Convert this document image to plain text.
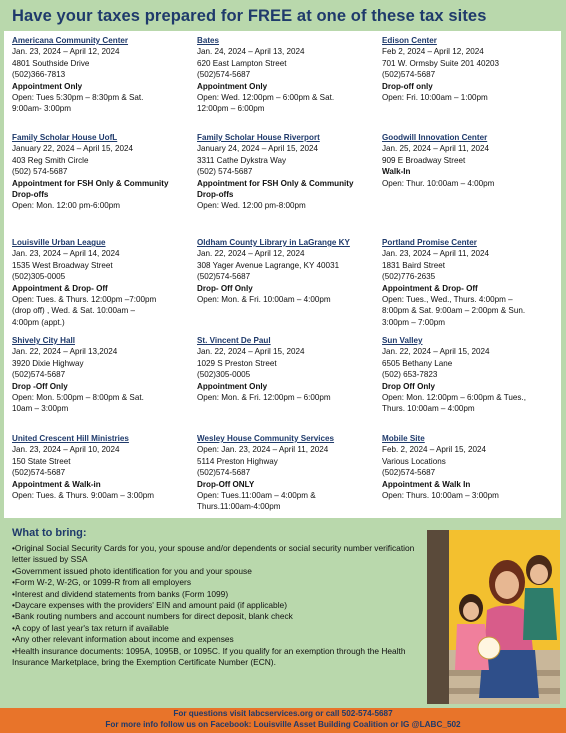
Have your taxes prepared for FREE at one of these tax sites
Americana Community Center
Jan. 23, 2024 – April 12, 2024
4801 Southside Drive
(502)366-7813
Appointment Only
Open: Tues 5:30pm – 8:30pm & Sat.
9:00am- 3:00pm
Bates
Jan. 24, 2024 – April 13, 2024
620 East Lampton Street
(502)574-5687
Appointment Only
Open: Wed. 12:00pm – 6:00pm & Sat.
12:00pm – 6:00pm
Edison Center
Feb 2, 2024 – April 12, 2024
701 W. Ormsby Suite 201 40203
(502)574-5687
Drop-off only
Open: Fri. 10:00am – 1:00pm
Family Scholar House UofL
January 22, 2024 – April 15, 2024
403 Reg Smith Circle
(502) 574-5687
Appointment for FSH Only & Community
Drop-offs
Open: Mon. 12:00 pm-6:00pm
Family Scholar House Riverport
January 24, 2024 – April 15, 2024
3311 Cathe Dykstra Way
(502) 574-5687
Appointment for FSH Only & Community
Drop-offs
Open: Wed. 12:00 pm-8:00pm
Goodwill Innovation Center
Jan. 25, 2024 – April 11, 2024
909 E Broadway Street
Walk-In
Open: Thur. 10:00am – 4:00pm
Louisville Urban League
Jan. 23, 2024 – April 14, 2024
1535 West Broadway Street
(502)305-0005
Appointment & Drop- Off
Open: Tues. & Thurs. 12:00pm –7:00pm
(drop off) , Wed. & Sat. 10:00am –
4:00pm (appt.)
Oldham County Library in LaGrange KY
Jan. 22, 2024 – April 12, 2024
308 Yager Avenue Lagrange, KY 40031
(502)574-5687
Drop- Off Only
Open: Mon. & Fri. 10:00am – 4:00pm
Portland Promise Center
Jan. 23, 2024 – April 11, 2024
1831 Baird Street
(502)776-2635
Appointment & Drop- Off
Open: Tues., Wed., Thurs. 4:00pm –
8:00pm & Sat. 9:00am – 2:00pm & Sun.
3:00pm – 7:00pm
Shively City Hall
Jan. 22, 2024 – April 13,2024
3920 Dixie Highway
(502)574-5687
Drop -Off Only
Open: Mon. 5:00pm – 8:00pm & Sat.
10am – 3:00pm
St. Vincent De Paul
Jan. 22, 2024 – April 15, 2024
1029 S Preston Street
(502)305-0005
Appointment Only
Open: Mon. & Fri. 12:00pm – 6:00pm
Sun Valley
Jan. 22, 2024 – April 15, 2024
6505 Bethany Lane
(502) 653-7823
Drop Off Only
Open: Mon. 12:00pm – 6:00pm & Tues.,
Thurs. 10:00am – 4:00pm
United Crescent Hill Ministries
Jan. 23, 2024 – April 10, 2024
150 State Street
(502)574-5687
Appointment & Walk-in
Open: Tues. & Thurs. 9:00am – 3:00pm
Wesley House Community Services
Open: Jan. 23, 2024 – April 11, 2024
5114 Preston Highway
(502)574-5687
Drop-Off ONLY
Open: Tues.11:00am – 4:00pm &
Thurs.11:00am-4:00pm
Mobile Site
Feb. 2, 2024 – April 15, 2024
Various Locations
(502)574-5687
Appointment & Walk In
Open: Thurs. 10:00am – 3:00pm
What to bring:
•Original Social Security Cards for you, your spouse and/or dependents or social security number verification letter issued by SSA
•Government issued photo identification for you and your spouse
•Form W-2, W-2G, or 1099-R from all employers
•Interest and dividend statements from banks (Form 1099)
•Daycare expenses with the providers' EIN and amount paid (if applicable)
•Bank routing numbers and account numbers for direct deposit, blank check
•A copy of last year's tax return if available
•Any other relevant information about income and expenses
•Health insurance documents: 1095A, 1095B, or 1095C. If you qualify for an exemption through the Health Insurance Marketplace, bring the Exemption Certificate Number (ECN).
For questions visit labcservices.org or call 502-574-5687
For more info follow us on Facebook: Louisville Asset Building Coalition or IG @LABC_502
